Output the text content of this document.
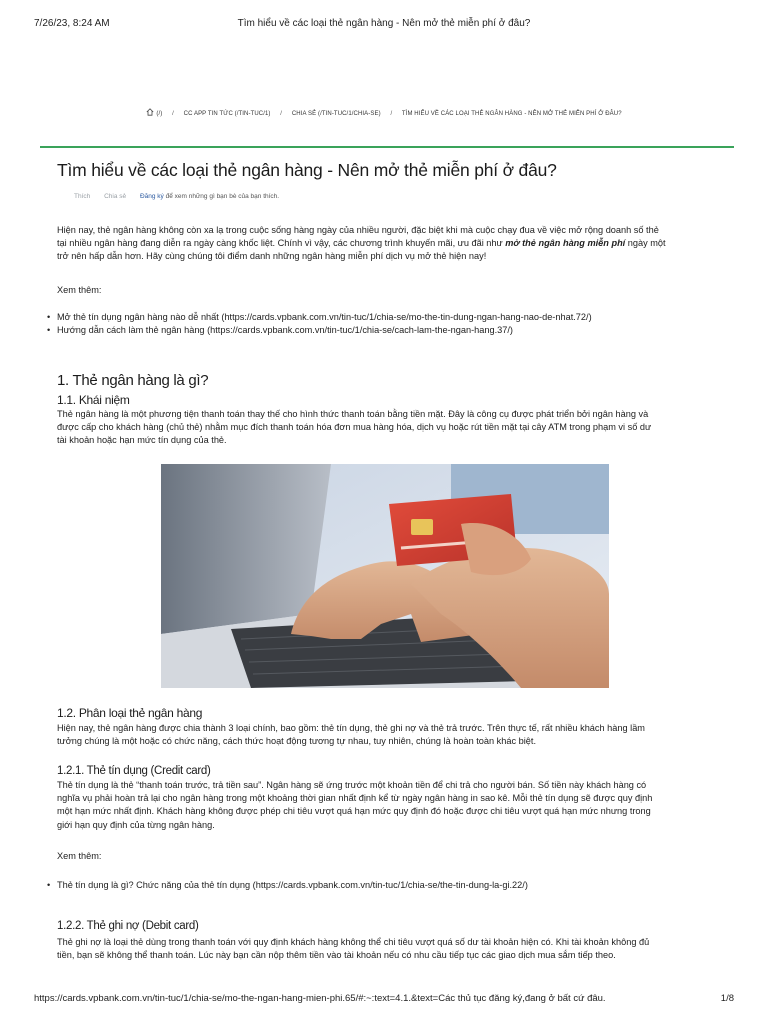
7/26/23, 8:24 AM	Tìm hiểu về các loại thẻ ngân hàng - Nên mở thẻ miễn phí ở đâu?
(/) / CC APP TIN TỨC (/TIN-TUC/1) / CHIA SẺ (/TIN-TUC/1/CHIA-SE) / TÌM HIỂU VỀ CÁC LOẠI THẺ NGÂN HÀNG - NÊN MỞ THẺ MIỄN PHÍ Ở ĐÂU?
Tìm hiểu về các loại thẻ ngân hàng - Nên mở thẻ miễn phí ở đâu?
Thích Chia sẻ Đăng ký để xem những gì bạn bè của bạn thích.

Hiện nay, thẻ ngân hàng không còn xa lạ trong cuộc sống hàng ngày của nhiều người, đặc biệt khi mà cuộc chạy đua về việc mở rộng doanh số thẻ

tại nhiều ngân hàng đang diễn ra ngày càng khốc liệt. Chính vì vậy, các chương trình khuyến mãi, ưu đãi như mở thẻ ngân hàng miễn phí ngày một

trở nên hấp dẫn hơn. Hãy cùng chúng tôi điểm danh những ngân hàng miễn phí dịch vụ mở thẻ hiện nay!

Xem thêm:
• Mở thẻ tín dụng ngân hàng nào dễ nhất (https://cards.vpbank.com.vn/tin-tuc/1/chia-se/mo-the-tin-dung-ngan-hang-nao-de-nhat.72/)
• Hướng dẫn cách làm thẻ ngân hàng (https://cards.vpbank.com.vn/tin-tuc/1/chia-se/cach-lam-the-ngan-hang.37/)
1. Thẻ ngân hàng là gì?
1.1. Khái niệm

Thẻ ngân hàng là một phương tiện thanh toán thay thế cho hình thức thanh toán bằng tiền mặt. Đây là công cụ được phát triển bởi ngân hàng và

được cấp cho khách hàng (chủ thẻ) nhằm mục đích thanh toán hóa đơn mua hàng hóa, dịch vụ hoặc rút tiền mặt tại cây ATM trong phạm vi số dư

tài khoản hoặc hạn mức tín dụng của thẻ.

1.2. Phân loại thẻ ngân hàng

Hiện nay, thẻ ngân hàng được chia thành 3 loại chính, bao gồm: thẻ tín dụng, thẻ ghi nợ và thẻ trả trước. Trên thực tế, rất nhiều khách hàng lầm

tưởng chúng là một hoặc có chức năng, cách thức hoạt động tương tự nhau, tuy nhiên, chúng là hoàn toàn khác biệt.

1.2.1. Thẻ tín dụng (Credit card)

Thẻ tín dụng là thẻ “thanh toán trước, trả tiền sau”. Ngân hàng sẽ ứng trước một khoản tiền để chi trả cho người bán. Số tiền này khách hàng có

nghĩa vụ phải hoàn trả lại cho ngân hàng trong một khoảng thời gian nhất định kể từ ngày ngân hàng in sao kê. Mỗi thẻ tín dụng sẽ được quy định

một hạn mức nhất định. Khách hàng không được phép chi tiêu vượt quá hạn mức quy định đó hoặc được chi tiêu vượt quá hạn mức nhưng trong

giới hạn quy định của từng ngân hàng.

Xem thêm:
• Thẻ tín dụng là gì? Chức năng của thẻ tín dụng (https://cards.vpbank.com.vn/tin-tuc/1/chia-se/the-tin-dung-la-gi.22/)
1.2.2. Thẻ ghi nợ (Debit card)

Thẻ ghi nợ là loại thẻ dùng trong thanh toán với quy định khách hàng không thể chi tiêu vượt quá số dư tài khoản hiện có. Khi tài khoản không đủ

tiền, bạn sẽ không thể thanh toán. Lúc này bạn cần nộp thêm tiền vào tài khoản nếu có nhu cầu tiếp tục các giao dịch mua sắm tiếp theo.

https://cards.vpbank.com.vn/tin-tuc/1/chia-se/mo-the-ngan-hang-mien-phi.65/#:~:text=4.1.&text=Các thủ tục đăng ký,đang ở bất cứ đâu.	1/8
